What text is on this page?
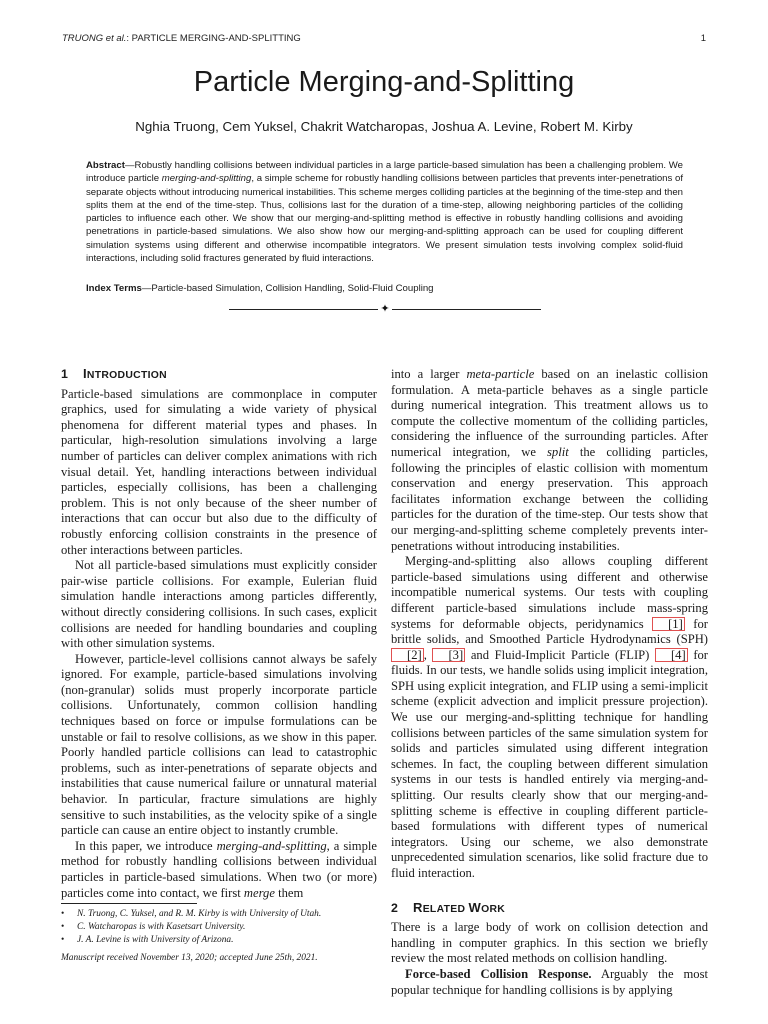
TRUONG et al.: PARTICLE MERGING-AND-SPLITTING	1
Particle Merging-and-Splitting
Nghia Truong, Cem Yuksel, Chakrit Watcharopas, Joshua A. Levine, Robert M. Kirby
Abstract—Robustly handling collisions between individual particles in a large particle-based simulation has been a challenging problem. We introduce particle merging-and-splitting, a simple scheme for robustly handling collisions between particles that prevents inter-penetrations of separate objects without introducing numerical instabilities. This scheme merges colliding particles at the beginning of the time-step and then splits them at the end of the time-step. Thus, collisions last for the duration of a time-step, allowing neighboring particles of the colliding particles to influence each other. We show that our merging-and-splitting method is effective in robustly handling collisions and avoiding penetrations in particle-based simulations. We also show how our merging-and-splitting approach can be used for coupling different simulation systems using different and otherwise incompatible integrators. We present simulation tests involving complex solid-fluid interactions, including solid fractures generated by fluid interactions.
Index Terms—Particle-based Simulation, Collision Handling, Solid-Fluid Coupling
✦
1 INTRODUCTION

Particle-based simulations are commonplace in computer graphics, used for simulating a wide variety of physical phenomena for different material types and phases. In particular, high-resolution simulations involving a large number of particles can deliver complex animations with rich visual detail. Yet, handling interactions between individual particles, especially collisions, has been a challenging problem. This is not only because of the sheer number of interactions that can occur but also due to the difficulty of robustly enforcing collision constraints in the presence of other interactions between particles.

Not all particle-based simulations must explicitly consider pair-wise particle collisions. For example, Eulerian fluid simulation handle interactions among particles differently, without directly considering collisions. In such cases, explicit collisions are needed for handling boundaries and coupling with other simulation systems.

However, particle-level collisions cannot always be safely ignored. For example, particle-based simulations involving (non-granular) solids must properly incorporate particle collisions. Unfortunately, common collision handling techniques based on force or impulse formulations can be unstable or fail to resolve collisions, as we show in this paper. Poorly handled particle collisions can lead to catastrophic problems, such as inter-penetrations of separate objects and instabilities that cause numerical failure or unnatural material behavior. In particular, fracture simulations are highly sensitive to such instabilities, as the velocity spike of a single particle can cause an entire object to instantly crumble.

In this paper, we introduce merging-and-splitting, a simple method for robustly handling collisions between individual particles in particle-based simulations. When two (or more) particles come into contact, we first merge them

• N. Truong, C. Yuksel, and R. M. Kirby is with University of Utah.
• C. Watcharopas is with Kasetsart University.
• J. A. Levine is with University of Arizona.
Manuscript received November 13, 2020; accepted June 25th, 2021.

into a larger meta-particle based on an inelastic collision formulation. A meta-particle behaves as a single particle during numerical integration. This treatment allows us to compute the collective momentum of the colliding particles, considering the influence of the surrounding particles. After numerical integration, we split the colliding particles, following the principles of elastic collision with momentum conservation and energy preservation. This approach facilitates information exchange between the colliding particles for the duration of the time-step. Our tests show that our merging-and-splitting scheme completely prevents inter-penetrations without introducing instabilities.

Merging-and-splitting also allows coupling different particle-based simulations using different and otherwise incompatible numerical systems. Our tests with coupling different particle-based simulations include mass-spring systems for deformable objects, peridynamics [1] for brittle solids, and Smoothed Particle Hydrodynamics (SPH) [2] , [3] and Fluid-Implicit Particle (FLIP) [4] for fluids. In our tests, we handle solids using implicit integration, SPH using explicit integration, and FLIP using a semi-implicit scheme (explicit advection and implicit pressure projection). We use our merging-and-splitting technique for handling collisions between particles of the same simulation system for solids and particles simulated using different integration schemes. In fact, the coupling between different simulation systems in our tests is handled entirely via merging-and-splitting. Our results clearly show that our merging-and-splitting scheme is effective in coupling different particle-based formulations with different types of numerical integrators. Using our scheme, we also demonstrate unprecedented simulation scenarios, like solid fracture due to fluid interaction.

2 RELATED WORK

There is a large body of work on collision detection and handling in computer graphics. In this section we briefly review the most related methods on collision handling.

Force-based Collision Response. Arguably the most popular technique for handling collisions is by applying
